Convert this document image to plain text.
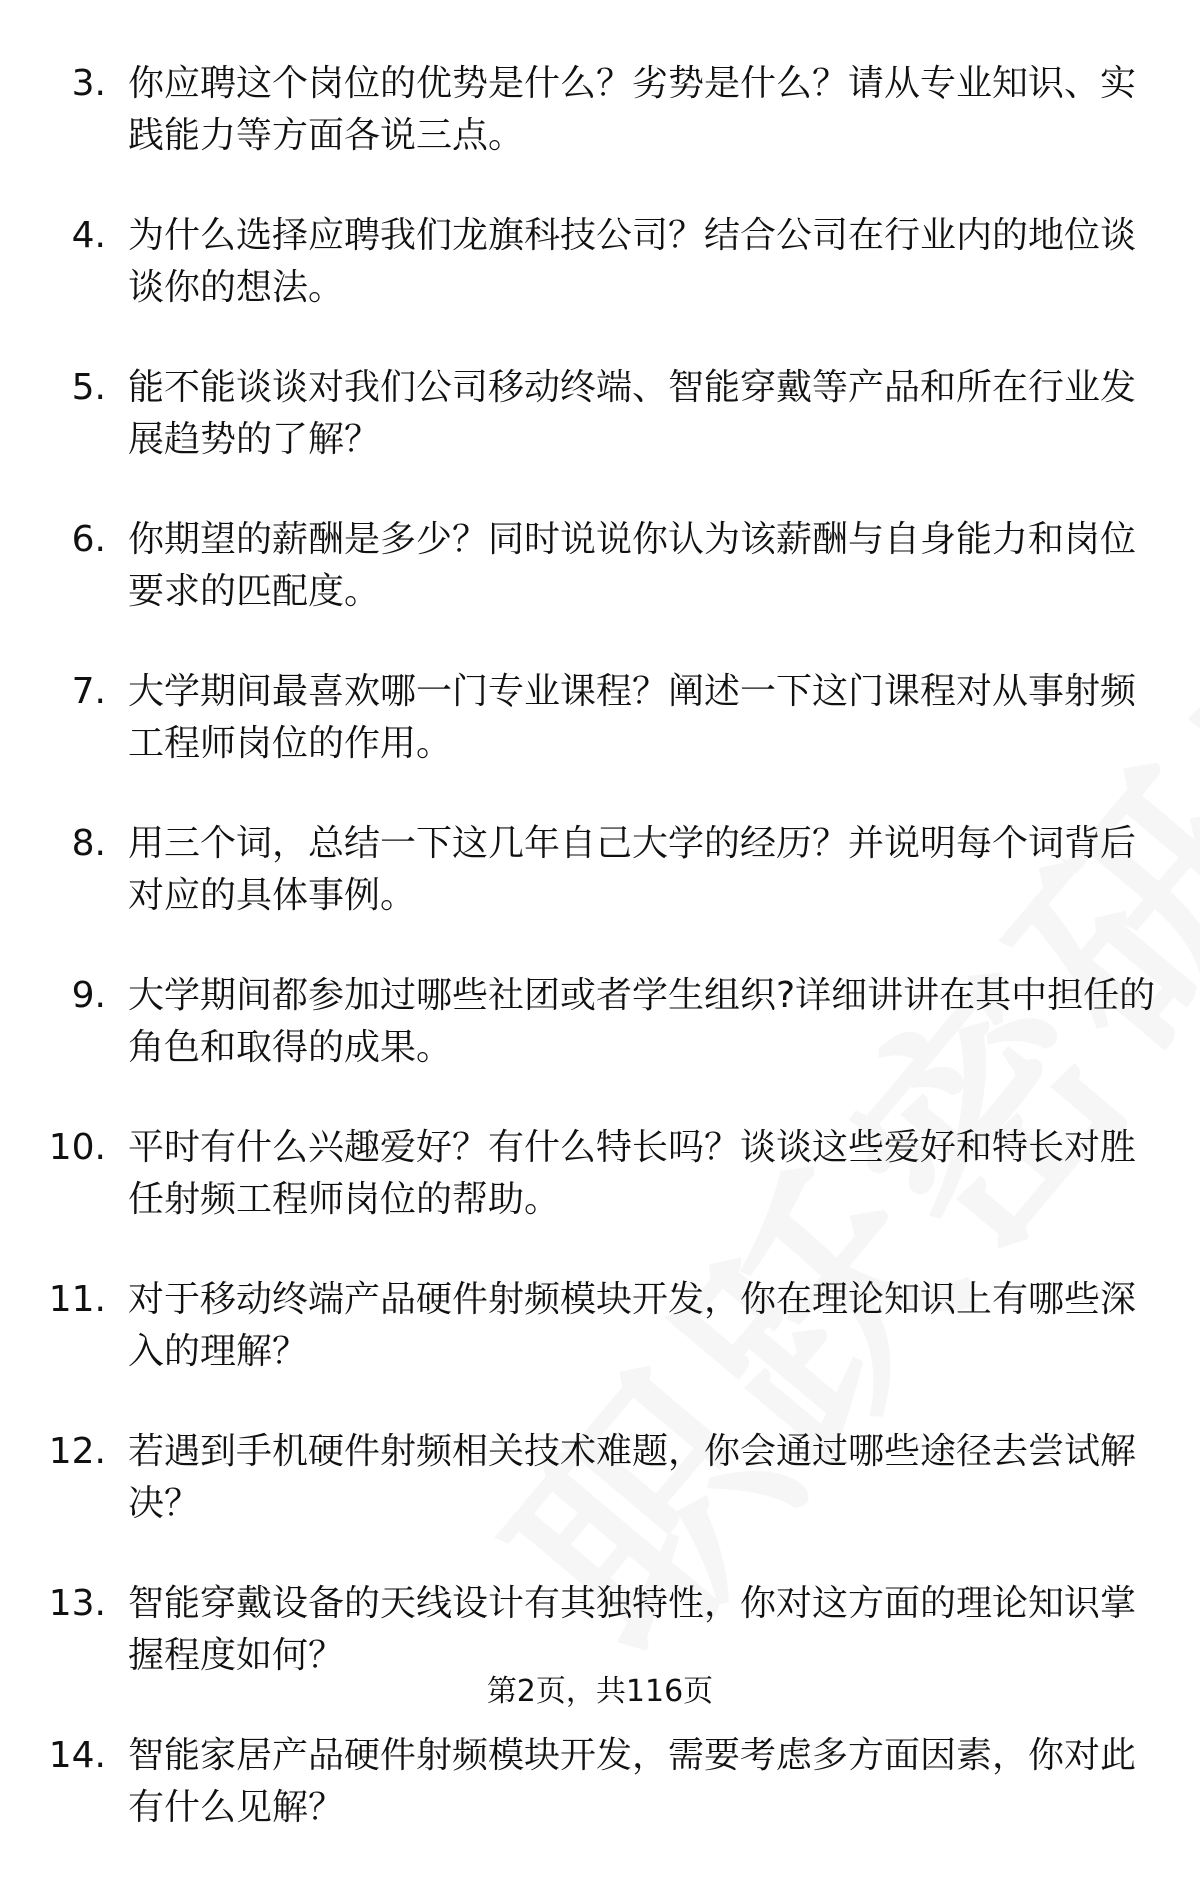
3. 你应聘这个岗位的优势是什么？劣势是什么？请从专业知识、实践能力等方面各说三点。
4. 为什么选择应聘我们龙旗科技公司？结合公司在行业内的地位谈谈你的想法。
5. 能不能谈谈对我们公司移动终端、智能穿戴等产品和所在行业发展趋势的了解？
6. 你期望的薪酬是多少？同时说说你认为该薪酬与自身能力和岗位要求的匹配度。
7. 大学期间最喜欢哪一门专业课程？阐述一下这门课程对从事射频工程师岗位的作用。
8. 用三个词，总结一下这几年自己大学的经历？并说明每个词背后对应的具体事例。
9. 大学期间都参加过哪些社团或者学生组织?详细讲讲在其中担任的角色和取得的成果。
10. 平时有什么兴趣爱好？有什么特长吗？谈谈这些爱好和特长对胜任射频工程师岗位的帮助。
11. 对于移动终端产品硬件射频模块开发，你在理论知识上有哪些深入的理解？
12. 若遇到手机硬件射频相关技术难题，你会通过哪些途径去尝试解决？
13. 智能穿戴设备的天线设计有其独特性，你对这方面的理论知识掌握程度如何？
14. 智能家居产品硬件射频模块开发，需要考虑多方面因素，你对此有什么见解？
第2页，共116页
